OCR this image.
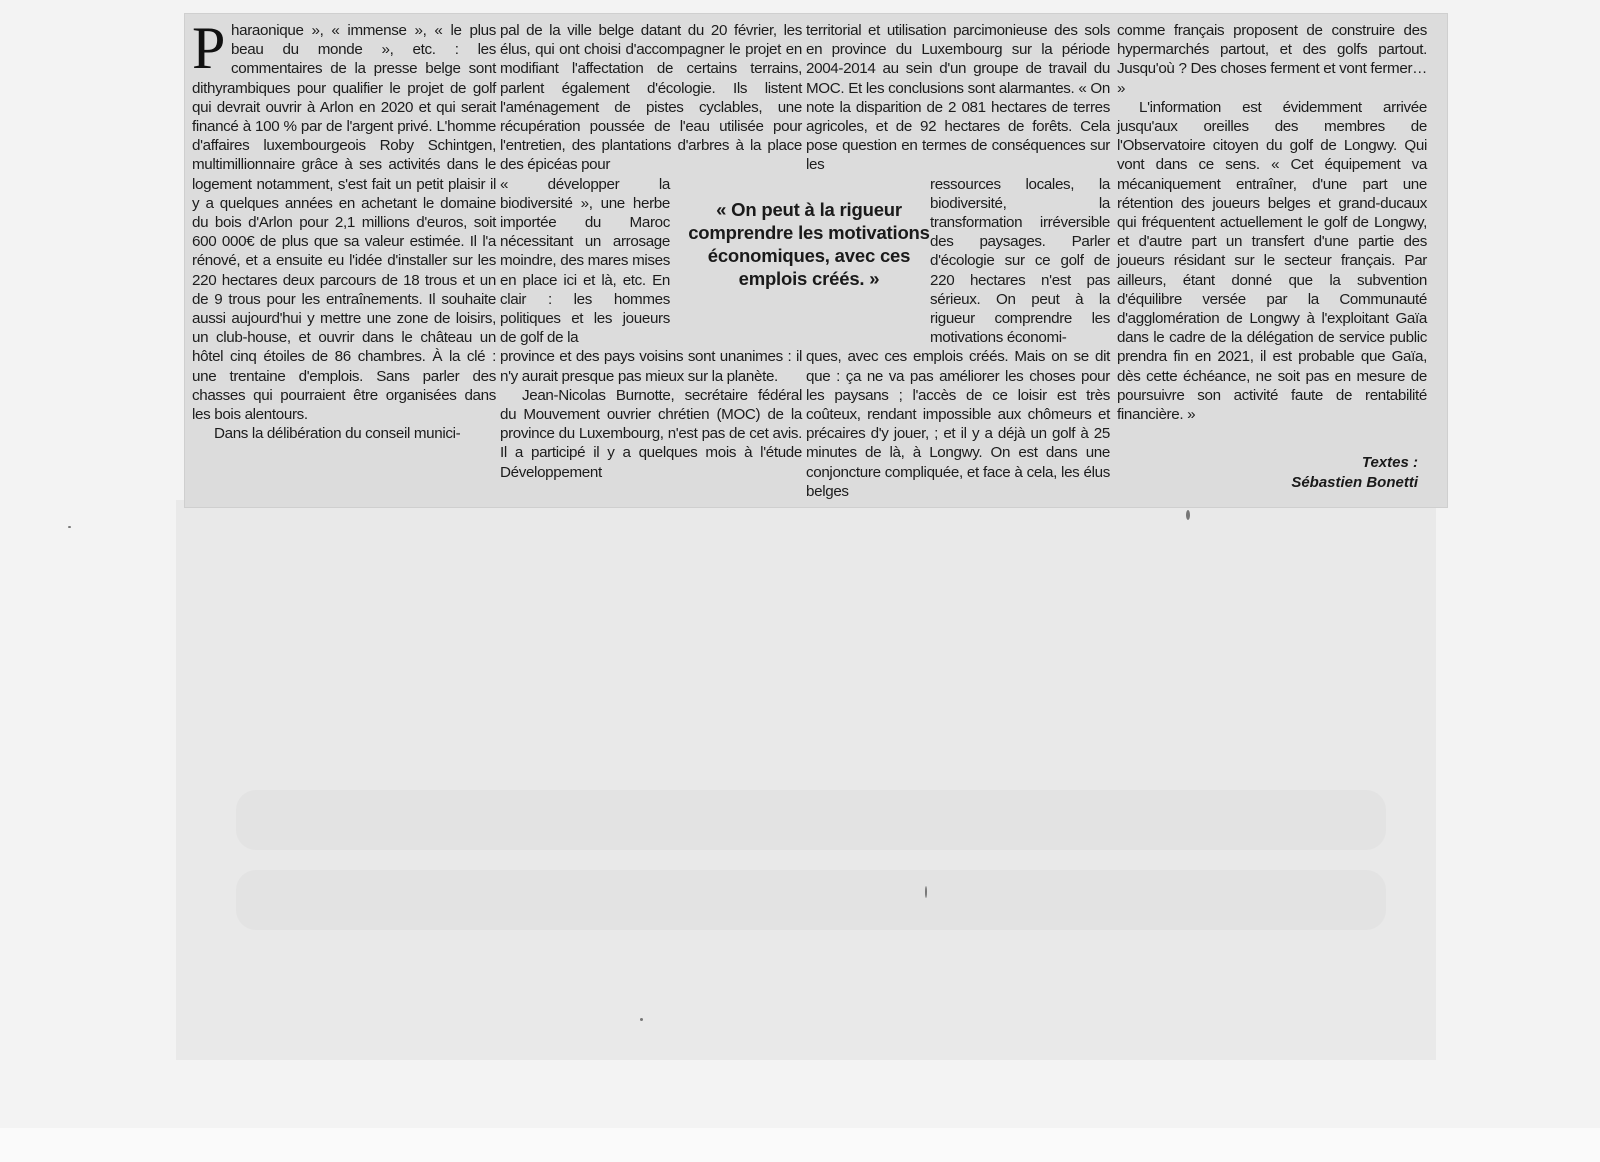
Pharaonique », « immense », « le plus beau du monde », etc. : les commentaires de la presse belge sont dithyrambiques pour qualifier le projet de golf qui devrait ouvrir à Arlon en 2020 et qui serait financé à 100 % par de l'argent privé. L'homme d'affaires luxembourgeois Roby Schintgen, multimillionnaire grâce à ses activités dans le logement notamment, s'est fait un petit plaisir il y a quelques années en achetant le domaine du bois d'Arlon pour 2,1 millions d'euros, soit 600 000€ de plus que sa valeur estimée. Il l'a rénové, et a ensuite eu l'idée d'installer sur les 220 hectares deux parcours de 18 trous et un de 9 trous pour les entraînements. Il souhaite aussi aujourd'hui y mettre une zone de loisirs, un club-house, et ouvrir dans le château un hôtel cinq étoiles de 86 chambres. À la clé : une trentaine d'emplois. Sans parler des chasses qui pourraient être organisées dans les bois alentours.

Dans la délibération du conseil munici-

pal de la ville belge datant du 20 février, les élus, qui ont choisi d'accompagner le projet en modifiant l'affectation de certains terrains, parlent également d'écologie. Ils listent l'aménagement de pistes cyclables, une récupération poussée de l'eau utilisée pour l'entretien, des plantations d'arbres à la place des épicéas pour

« développer la biodiversité », une herbe importée du Maroc nécessitant un arrosage moindre, des mares mises en place ici et là, etc. En clair : les hommes politiques et les joueurs de golf de la

province et des pays voisins sont unanimes : il n'y aurait presque pas mieux sur la planète.

Jean-Nicolas Burnotte, secrétaire fédéral du Mouvement ouvrier chrétien (MOC) de la province du Luxembourg, n'est pas de cet avis. Il a participé il y a quelques mois à l'étude Développement

territorial et utilisation parcimonieuse des sols en province du Luxembourg sur la période 2004-2014 au sein d'un groupe de travail du MOC. Et les conclusions sont alarmantes. « On note la disparition de 2 081 hectares de terres agricoles, et de 92 hectares de forêts. Cela pose question en termes de conséquences sur les

ressources locales, la biodiversité, la transformation irréversible des paysages. Parler d'écologie sur ce golf de 220 hectares n'est pas sérieux. On peut à la rigueur comprendre les motivations économi-

ques, avec ces emplois créés. Mais on se dit que : ça ne va pas améliorer les choses pour les paysans ; l'accès de ce loisir est très coûteux, rendant impossible aux chômeurs et précaires d'y jouer, ; et il y a déjà un golf à 25 minutes de là, à Longwy. On est dans une conjoncture compliquée, et face à cela, les élus belges

comme français proposent de construire des hypermarchés partout, et des golfs partout. Jusqu'où ? Des choses ferment et vont fermer… »

L'information est évidemment arrivée jusqu'aux oreilles des membres de l'Observatoire citoyen du golf de Longwy. Qui vont dans ce sens. « Cet équipement va mécaniquement entraîner, d'une part une rétention des joueurs belges et grand-ducaux qui fréquentent actuellement le golf de Longwy, et d'autre part un transfert d'une partie des joueurs résidant sur le secteur français. Par ailleurs, étant donné que la subvention d'équilibre versée par la Communauté d'agglomération de Longwy à l'exploitant Gaïa dans le cadre de la délégation de service public prendra fin en 2021, il est probable que Gaïa, dès cette échéance, ne soit pas en mesure de poursuivre son activité faute de rentabilité financière. »

« On peut à la rigueur comprendre les motivations économiques, avec ces emplois créés. »
Textes :
Sébastien Bonetti
